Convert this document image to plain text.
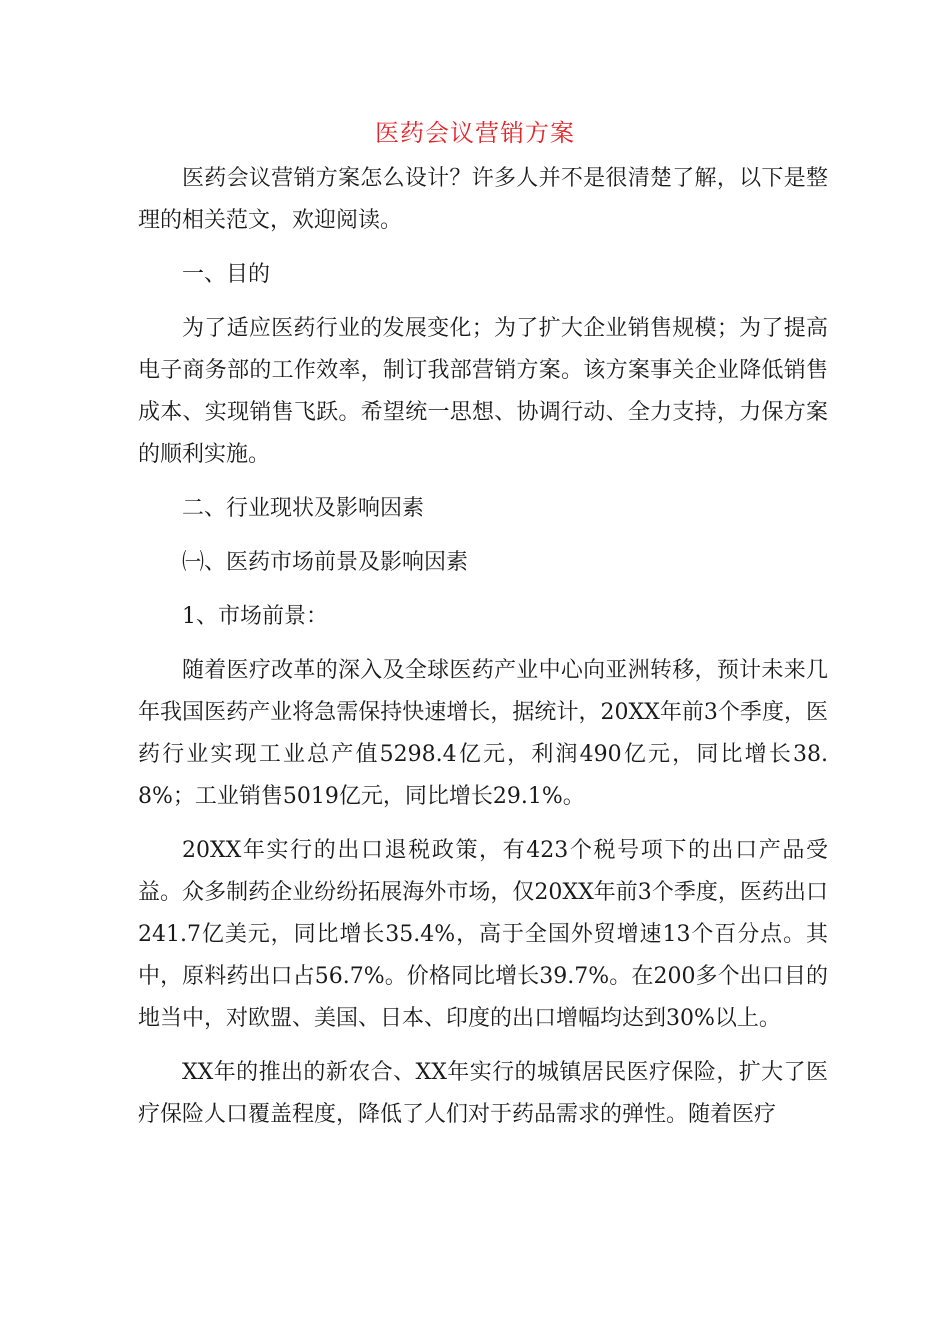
医药会议营销方案

医药会议营销方案怎么设计？许多人并不是很清楚了解，以下是整理的相关范文，欢迎阅读。

一、目的

为了适应医药行业的发展变化；为了扩大企业销售规模；为了提高电子商务部的工作效率，制订我部营销方案。该方案事关企业降低销售成本、实现销售飞跃。希望统一思想、协调行动、全力支持，力保方案的顺利实施。

二、行业现状及影响因素

㈠、医药市场前景及影响因素

1、市场前景：

随着医疗改革的深入及全球医药产业中心向亚洲转移，预计未来几年我国医药产业将急需保持快速增长，据统计，20XX年前3个季度，医药行业实现工业总产值5298.4亿元，利润490亿元，同比增长38.8%；工业销售5019亿元，同比增长29.1%。

20XX年实行的出口退税政策，有423个税号项下的出口产品受益。众多制药企业纷纷拓展海外市场，仅20XX年前3个季度，医药出口241.7亿美元，同比增长35.4%，高于全国外贸增速13个百分点。其中，原料药出口占56.7%。价格同比增长39.7%。在200多个出口目的地当中，对欧盟、美国、日本、印度的出口增幅均达到30%以上。

XX年的推出的新农合、XX年实行的城镇居民医疗保险，扩大了医疗保险人口覆盖程度，降低了人们对于药品需求的弹性。随着医疗
